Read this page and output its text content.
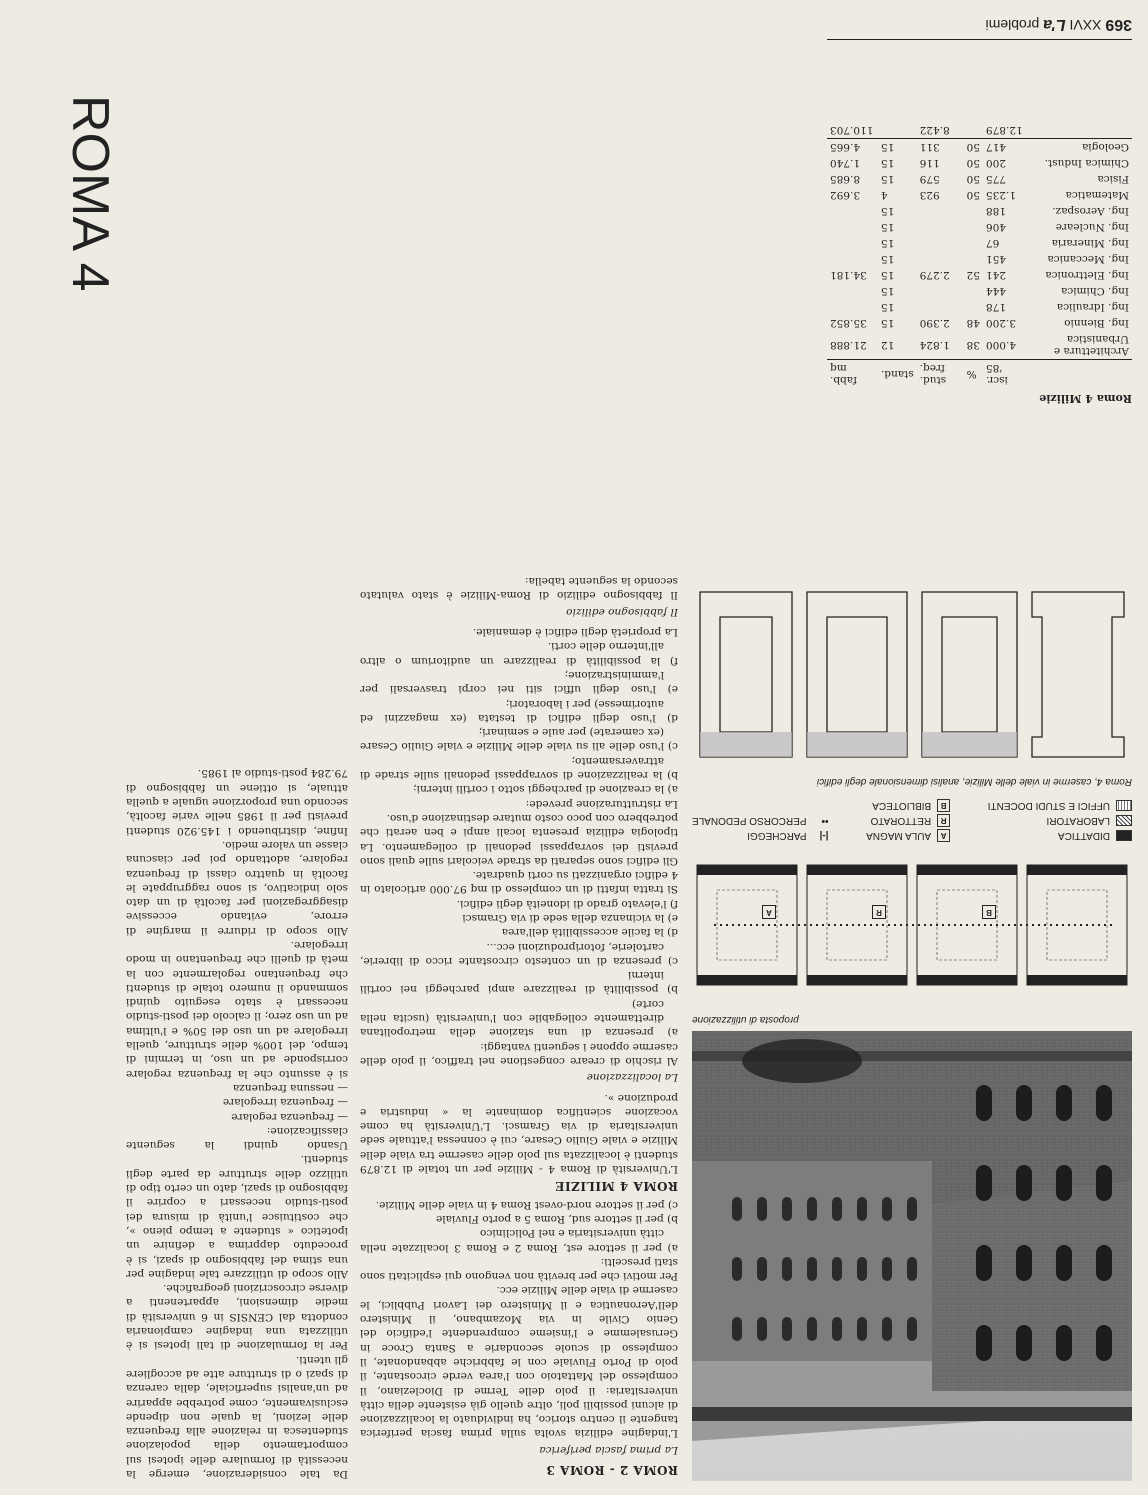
369 XXVI L'a problemi
ROMA 4
Roma 4 Milizie
	iscr. '85	%	stud. freq.	stand.	fabb. mq
Architettura e Urbanistica	4.000	38	1.824	12	21.888
Ing. Biennio	3.200	48	2.390	15	35.852
Ing. Idraulica	178			15	
Ing. Chimica	444			15	
Ing. Elettronica	241	52	2.279	15	34.181
Ing. Meccanica	451			15	
Ing. Mineraria	67			15	
Ing. Nucleare	406			15	
Ing. Aerospaz.	188			15	
Matematica	1.235	50	923	4	3.692
Fisica	775	50	579	15	8.685
Chimica Indust.	200	50	116	15	1.740
Geologia	417	50	311	15	4.665
	12.879		8.422		110.703
proposta di utilizzazione
A	R	B
DIDATTICA
LABORATORI
UFFICI E STUDI DOCENTI
A
AULA MAGNA
R
RETTORATO
B
BIBLIOTECA
|-|
PARCHEGGI
••
PERCORSO PEDONALE
Roma 4, caserme in viale delle Milizie, analisi dimensionale degli edifici

ROMA 2 - ROMA 3

La prima fascia periferica

L'indagine edilizia svolta sulla prima fascia periferica tangente il centro storico, ha individuato la localizzazione di alcuni possibili poli, oltre quello già esistente della città universitaria: il polo delle Terme di Diocleziano, il complesso del Mattatoio con l'area verde circostante, il polo di Porto Fluviale con le fabbriche abbandonate, il complesso di scuole secondarie a Santa Croce in Gerusalemme e l'insieme comprendente l'edificio del Genio Civile in via Mozambano, il Ministero dell'Aeronautica e il Ministero dei Lavori Pubblici, le caserme di viale delle Milizie ecc.

Per motivi che per brevità non vengono qui esplicitati sono stati prescelti:

a) per il settore est, Roma 2 e Roma 3 localizzate nella città universitaria e nel Policlinico

b) per il settore sud, Roma 5 a porto Fluviale

c) per il settore nord-ovest Roma 4 in viale delle Milizie.

ROMA 4 MILIZIE

L'Università di Roma 4 - Milizie per un totale di 12.879 studenti è localizzata sul polo delle caserme tra viale delle Milizie e viale Giulio Cesare, cui è connessa l'attuale sede universitaria di via Gramsci. L'Università ha come vocazione scientifica dominante la « industria e produzione ».

La localizzazione

Al rischio di creare congestione nel traffico, il polo delle caserme oppone i seguenti vantaggi:

a) presenza di una stazione della metropolitana direttamente collegabile con l'università (uscita nella corte)

b) possibilità di realizzare ampi parcheggi nei cortili interni

c) presenza di un contesto circostante ricco di librerie, cartolerie, fotoriproduzioni ecc...

d) la facile accessibilità dell'area

e) la vicinanza della sede di via Gramsci

f) l'elevato grado di idoneità degli edifici.

Si tratta infatti di un complesso di mq 97.000 articolato in 4 edifici organizzati su corti quadrate.

Gli edifici sono separati da strade veicolari sulle quali sono previsti dei sovrappassi pedonali di collegamento. La tipologia edilizia presenta locali ampi e ben aerati che potrebbero con poco costo mutare destinazione d'uso.

La ristrutturazione prevede:

a) la creazione di parcheggi sotto i cortili interni;

b) la realizzazione di sovrappassi pedonali sulle strade di attraversamento;

c) l'uso delle ali su viale delle Milizie e viale Giulio Cesare (ex camerate) per aule e seminari;

d) l'uso degli edifici di testata (ex magazzini ed autorimesse) per i laboratori;

e) l'uso degli uffici siti nei corpi trasversali per l'amministrazione;

f) la possibilità di realizzare un auditorium o altro all'interno delle corti.

La proprietà degli edifici è demaniale.

Il fabbisogno edilizio

Il fabbisogno edilizio di Roma-Milizie è stato valutato secondo la seguente tabella:

Da tale considerazione, emerge la necessità di formulare delle ipotesi sul comportamento della popolazione studentesca in relazione alla frequenza delle lezioni, la quale non dipende esclusivamente, come potrebbe apparire ad un'analisi superficiale, dalla carenza di spazi o di strutture atte ad accogliere gli utenti.

Per la formulazione di tali ipotesi si è utilizzata una indagine campionaria condotta dal CENSIS in 6 università di medie dimensioni, appartenenti a diverse circoscrizioni geografiche.

Allo scopo di utilizzare tale indagine per una stima del fabbisogno di spazi, si è proceduto dapprima a definire un ipotetico « studente a tempo pieno », che costituisce l'unità di misura dei posti-studio necessari a coprire il fabbisogno di spazi, dato un certo tipo di utilizzo delle strutture da parte degli studenti.

Usando quindi la seguente classificazione:

— frequenza regolare

— frequenza irregolare

— nessuna frequenza

si è assunto che la frequenza regolare corrisponde ad un uso, in termini di tempo, del 100% delle strutture, quella irregolare ad un uso del 50% e l'ultima ad un uso zero; il calcolo dei posti-studio necessari è stato eseguito quindi sommando il numero totale di studenti che frequentano regolarmente con la metà di quelli che frequentano in modo irregolare.

Allo scopo di ridurre il margine di errore, evitando eccessive disaggregazioni per facoltà di un dato solo indicativo, si sono raggruppate le facoltà in quattro classi di frequenza regolare, adottando poi per ciascuna classe un valore medio.

Infine, distribuendo i 145.920 studenti previsti per il 1985 nelle varie facoltà, secondo una proporzione uguale a quella attuale, si ottiene un fabbisogno di 79.284 posti-studio al 1985.
